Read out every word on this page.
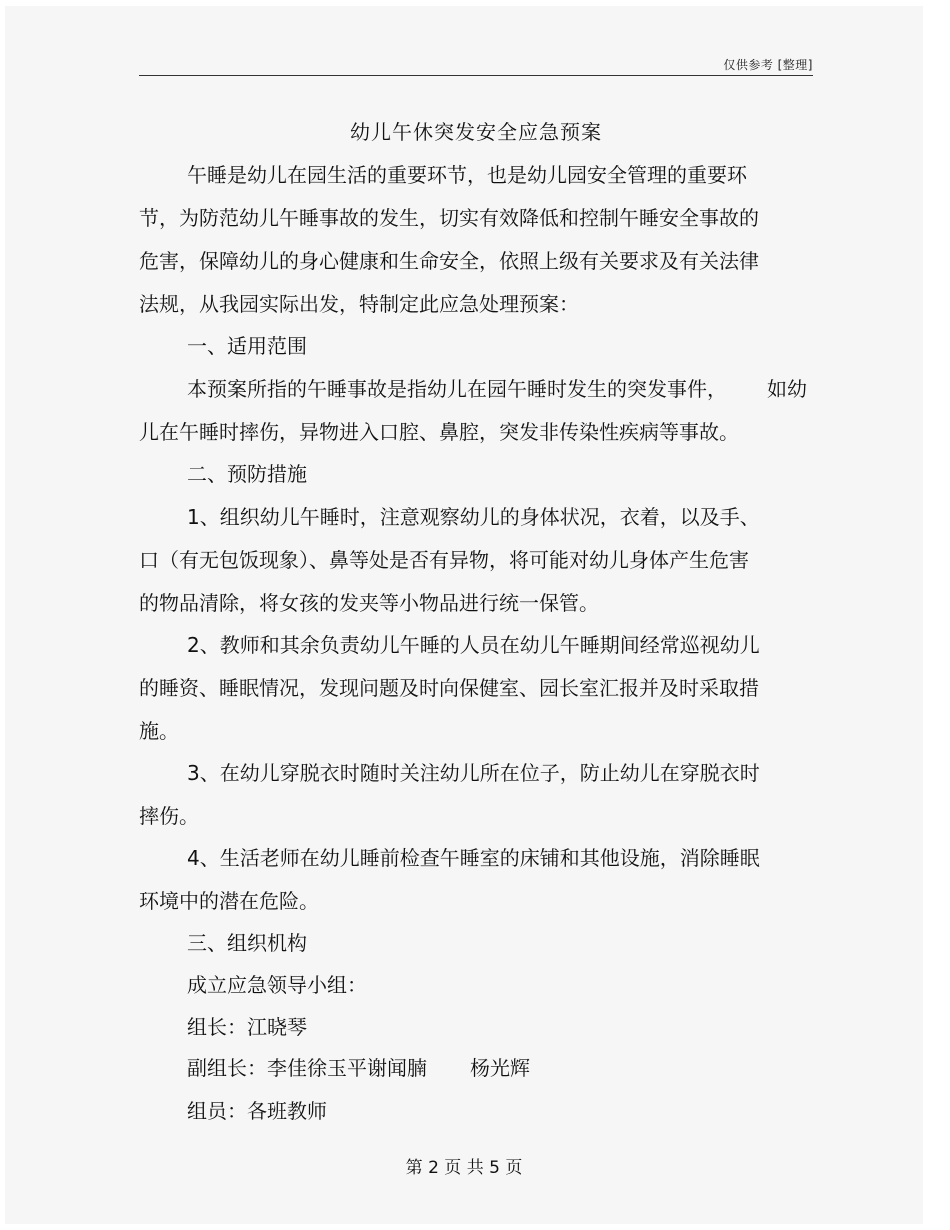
仅供参考 [整理]
幼儿午休突发安全应急预案
午睡是幼儿在园生活的重要环节，也是幼儿园安全管理的重要环
节，为防范幼儿午睡事故的发生，切实有效降低和控制午睡安全事故的
危害，保障幼儿的身心健康和生命安全，依照上级有关要求及有关法律
法规，从我园实际出发，特制定此应急处理预案：
一、适用范围
本预案所指的午睡事故是指幼儿在园午睡时发生的突发事件， 如幼
儿在午睡时摔伤，异物进入口腔、鼻腔，突发非传染性疾病等事故。
二、预防措施
1、组织幼儿午睡时，注意观察幼儿的身体状况，衣着，以及手、
口（有无包饭现象）、鼻等处是否有异物，将可能对幼儿身体产生危害
的物品清除，将女孩的发夹等小物品进行统一保管。
2、教师和其余负责幼儿午睡的人员在幼儿午睡期间经常巡视幼儿
的睡资、睡眠情况，发现问题及时向保健室、园长室汇报并及时采取措
施。
3、在幼儿穿脱衣时随时关注幼儿所在位子，防止幼儿在穿脱衣时
摔伤。
4、生活老师在幼儿睡前检查午睡室的床铺和其他设施，消除睡眠
环境中的潜在危险。
三、组织机构
成立应急领导小组：
组长：江晓琴
副组长：李佳徐玉平谢闻腩 杨光辉
组员：各班教师
第 2 页 共 5 页
